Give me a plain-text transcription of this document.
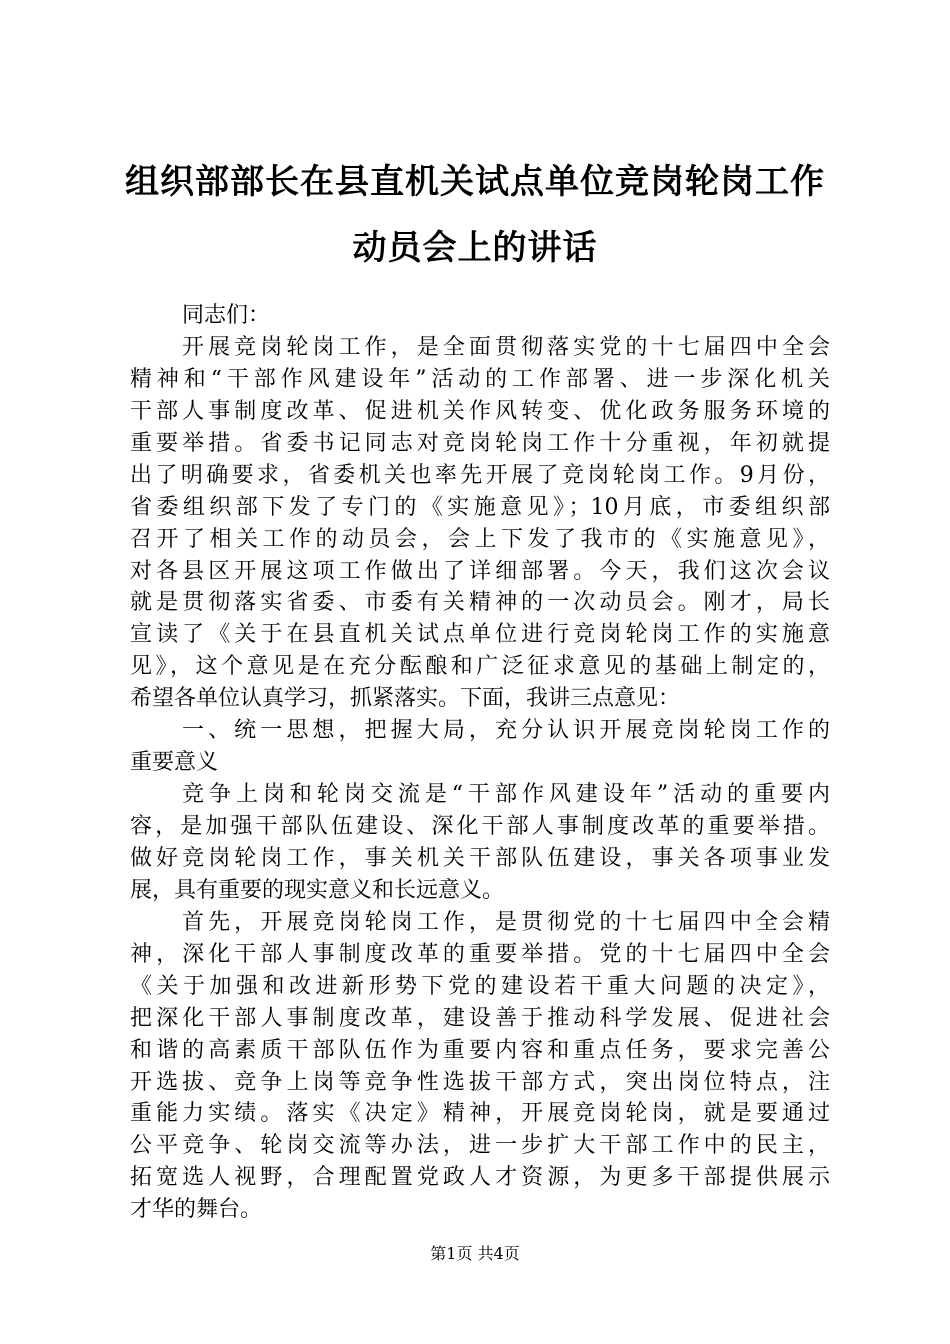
组织部部长在县直机关试点单位竞岗轮岗工作
动员会上的讲话
同志们：
开展竞岗轮岗工作，是全面贯彻落实党的十七届四中全会
精神和“干部作风建设年”活动的工作部署、进一步深化机关
干部人事制度改革、促进机关作风转变、优化政务服务环境的
重要举措。省委书记同志对竞岗轮岗工作十分重视，年初就提
出了明确要求，省委机关也率先开展了竞岗轮岗工作。9月份，
省委组织部下发了专门的《实施意见》；10月底，市委组织部
召开了相关工作的动员会，会上下发了我市的《实施意见》，
对各县区开展这项工作做出了详细部署。今天，我们这次会议
就是贯彻落实省委、市委有关精神的一次动员会。刚才，局长
宣读了《关于在县直机关试点单位进行竞岗轮岗工作的实施意
见》，这个意见是在充分酝酿和广泛征求意见的基础上制定的，
希望各单位认真学习，抓紧落实。下面，我讲三点意见：
一、统一思想，把握大局，充分认识开展竞岗轮岗工作的
重要意义
竞争上岗和轮岗交流是“干部作风建设年”活动的重要内
容，是加强干部队伍建设、深化干部人事制度改革的重要举措。
做好竞岗轮岗工作，事关机关干部队伍建设，事关各项事业发
展，具有重要的现实意义和长远意义。
首先，开展竞岗轮岗工作，是贯彻党的十七届四中全会精
神，深化干部人事制度改革的重要举措。党的十七届四中全会
《关于加强和改进新形势下党的建设若干重大问题的决定》，
把深化干部人事制度改革，建设善于推动科学发展、促进社会
和谐的高素质干部队伍作为重要内容和重点任务，要求完善公
开选拔、竞争上岗等竞争性选拔干部方式，突出岗位特点，注
重能力实绩。落实《决定》精神，开展竞岗轮岗，就是要通过
公平竞争、轮岗交流等办法，进一步扩大干部工作中的民主，
拓宽选人视野，合理配置党政人才资源，为更多干部提供展示
才华的舞台。
第1页 共4页
